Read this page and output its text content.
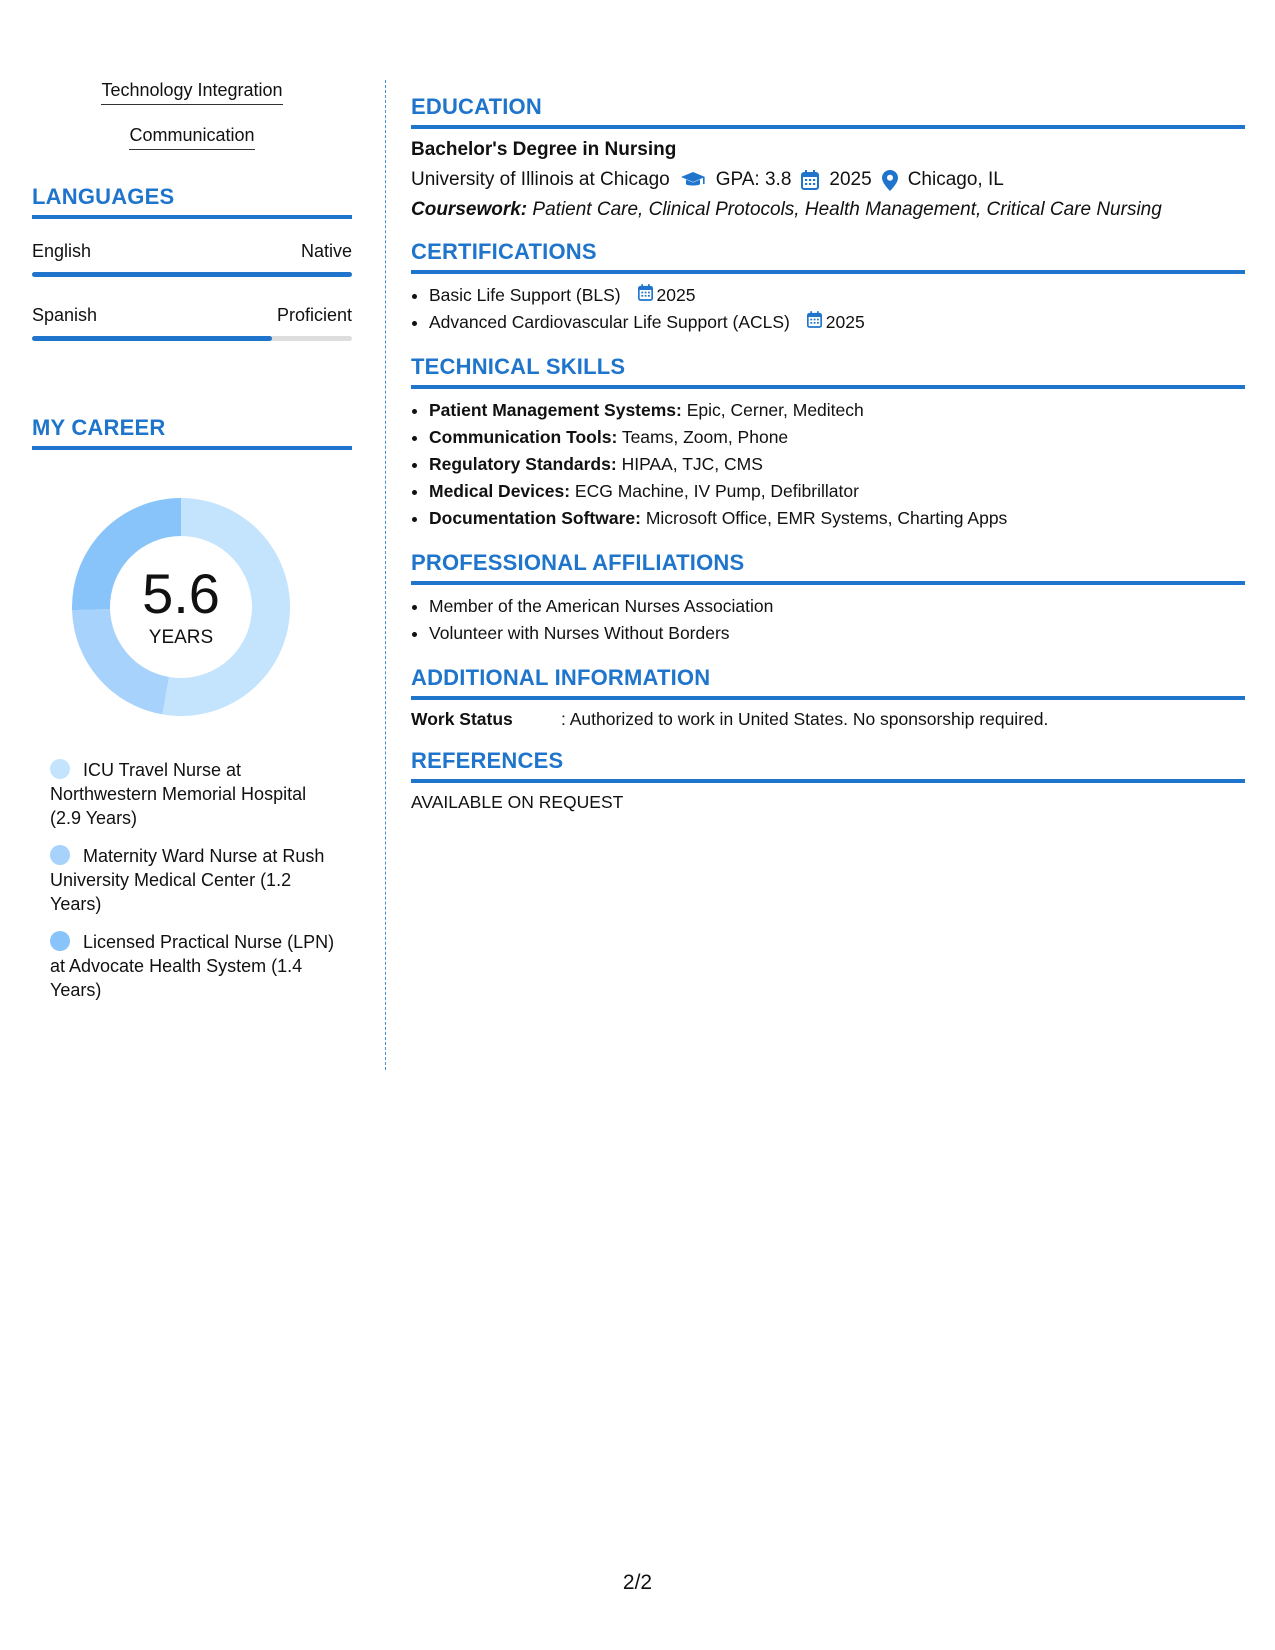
Technology Integration
Communication
LANGUAGES
English	Native
Spanish	Proficient
MY CAREER
5.6
YEARS
ICU Travel Nurse at Northwestern Memorial Hospital (2.9 Years)
Maternity Ward Nurse at Rush University Medical Center (1.2 Years)
Licensed Practical Nurse (LPN) at Advocate Health System (1.4 Years)
EDUCATION
Bachelor's Degree in Nursing
University of Illinois at Chicago GPA: 3.8 2025 Chicago, IL
Coursework: Patient Care, Clinical Protocols, Health Management, Critical Care Nursing
CERTIFICATIONS
• Basic Life Support (BLS) 2025
• Advanced Cardiovascular Life Support (ACLS) 2025
TECHNICAL SKILLS
• Patient Management Systems: Epic, Cerner, Meditech
• Communication Tools: Teams, Zoom, Phone
• Regulatory Standards: HIPAA, TJC, CMS
• Medical Devices: ECG Machine, IV Pump, Defibrillator
• Documentation Software: Microsoft Office, EMR Systems, Charting Apps
PROFESSIONAL AFFILIATIONS
• Member of the American Nurses Association
• Volunteer with Nurses Without Borders
ADDITIONAL INFORMATION
Work Status	: Authorized to work in United States. No sponsorship required.
REFERENCES
AVAILABLE ON REQUEST
2/2
